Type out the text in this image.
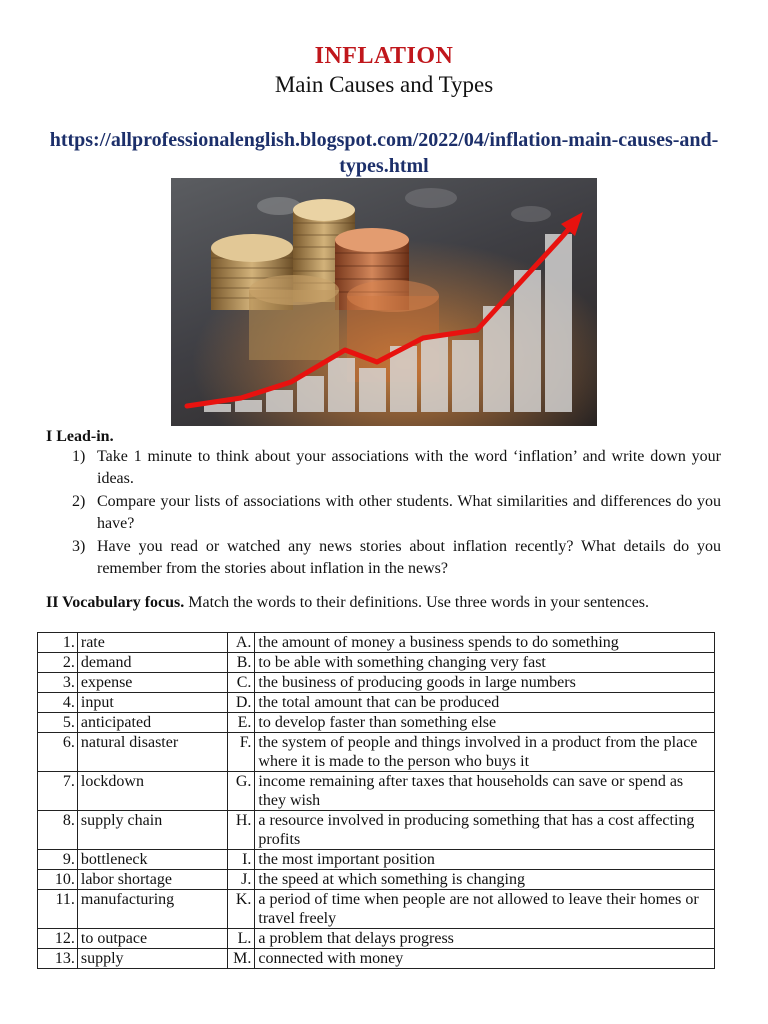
INFLATION
Main Causes and Types
https://allprofessionalenglish.blogspot.com/2022/04/inflation-main-causes-and-types.html
I Lead-in.
1) Take 1 minute to think about your associations with the word ‘inflation’ and write down your ideas.
2) Compare your lists of associations with other students. What similarities and differences do you have?
3) Have you read or watched any news stories about inflation recently? What details do you remember from the stories about inflation in the news?
II Vocabulary focus. Match the words to their definitions. Use three words in your sentences.
1.	rate	A.	the amount of money a business spends to do something
2.	demand	B.	to be able with something changing very fast
3.	expense	C.	the business of producing goods in large numbers
4.	input	D.	the total amount that can be produced
5.	anticipated	E.	to develop faster than something else
6.	natural disaster	F.	the system of people and things involved in a product from the place where it is made to the person who buys it
7.	lockdown	G.	income remaining after taxes that households can save or spend as they wish
8.	supply chain	H.	a resource involved in producing something that has a cost affecting profits
9.	bottleneck	I.	the most important position
10.	labor shortage	J.	the speed at which something is changing
11.	manufacturing	K.	a period of time when people are not allowed to leave their homes or travel freely
12.	to outpace	L.	a problem that delays progress
13.	supply	M.	connected with money
